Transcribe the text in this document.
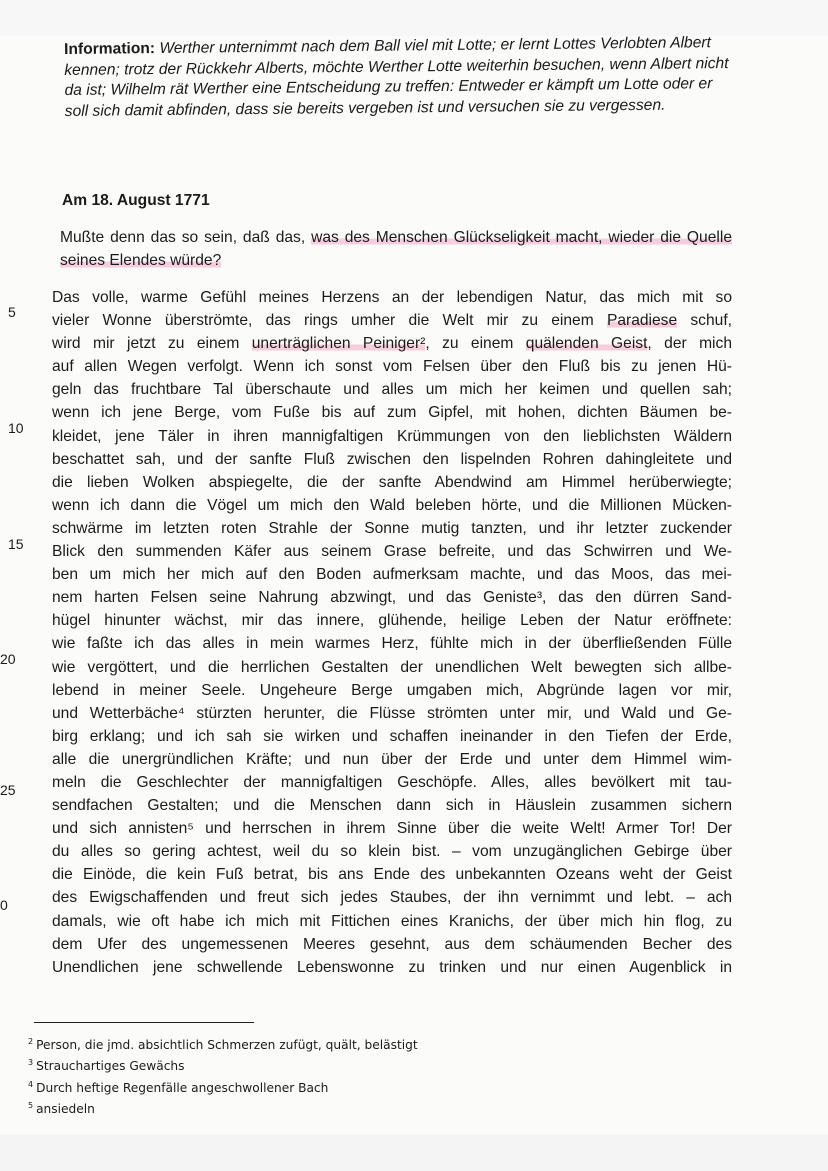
Information: Werther unternimmt nach dem Ball viel mit Lotte; er lernt Lottes Verlobten Albert kennen; trotz der Rückkehr Alberts, möchte Werther Lotte weiterhin besuchen, wenn Albert nicht da ist; Wilhelm rät Werther eine Entscheidung zu treffen: Entweder er kämpft um Lotte oder er soll sich damit abfinden, dass sie bereits vergeben ist und versuchen sie zu vergessen.
Am 18. August 1771
Mußte denn das so sein, daß das, was des Menschen Glückseligkeit macht, wieder die Quelle seines Elendes würde?
Das volle, warme Gefühl meines Herzens an der lebendigen Natur, das mich mit so
vieler Wonne überströmte, das rings umher die Welt mir zu einem Paradiese schuf,
wird mir jetzt zu einem unerträglichen Peiniger², zu einem quälenden Geist, der mich
auf allen Wegen verfolgt. Wenn ich sonst vom Felsen über den Fluß bis zu jenen Hü-
geln das fruchtbare Tal überschaute und alles um mich her keimen und quellen sah;
wenn ich jene Berge, vom Fuße bis auf zum Gipfel, mit hohen, dichten Bäumen be-
kleidet, jene Täler in ihren mannigfaltigen Krümmungen von den lieblichsten Wäldern
beschattet sah, und der sanfte Fluß zwischen den lispelnden Rohren dahingleitete und
die lieben Wolken abspiegelte, die der sanfte Abendwind am Himmel herüberwiegte;
wenn ich dann die Vögel um mich den Wald beleben hörte, und die Millionen Mücken-
schwärme im letzten roten Strahle der Sonne mutig tanzten, und ihr letzter zuckender
Blick den summenden Käfer aus seinem Grase befreite, und das Schwirren und We-
ben um mich her mich auf den Boden aufmerksam machte, und das Moos, das mei-
nem harten Felsen seine Nahrung abzwingt, und das Geniste³, das den dürren Sand-
hügel hinunter wächst, mir das innere, glühende, heilige Leben der Natur eröffnete:
wie faßte ich das alles in mein warmes Herz, fühlte mich in der überfließenden Fülle
wie vergöttert, und die herrlichen Gestalten der unendlichen Welt bewegten sich allbe-
lebend in meiner Seele. Ungeheure Berge umgaben mich, Abgründe lagen vor mir,
und Wetterbäche⁴ stürzten herunter, die Flüsse strömten unter mir, und Wald und Ge-
birg erklang; und ich sah sie wirken und schaffen ineinander in den Tiefen der Erde,
alle die unergründlichen Kräfte; und nun über der Erde und unter dem Himmel wim-
meln die Geschlechter der mannigfaltigen Geschöpfe. Alles, alles bevölkert mit tau-
sendfachen Gestalten; und die Menschen dann sich in Häuslein zusammen sichern
und sich annisten⁵ und herrschen in ihrem Sinne über die weite Welt! Armer Tor! Der
du alles so gering achtest, weil du so klein bist. – vom unzugänglichen Gebirge über
die Einöde, die kein Fuß betrat, bis ans Ende des unbekannten Ozeans weht der Geist
des Ewigschaffenden und freut sich jedes Staubes, der ihn vernimmt und lebt. – ach
damals, wie oft habe ich mich mit Fittichen eines Kranichs, der über mich hin flog, zu
dem Ufer des ungemessenen Meeres gesehnt, aus dem schäumenden Becher des
Unendlichen jene schwellende Lebenswonne zu trinken und nur einen Augenblick in
5
10
15
20
25
0
$^2$ Person, die jmd. absichtlich Schmerzen zufügt, quält, belästigt
$^3$ Strauchartiges Gewächs
$^4$ Durch heftige Regenfälle angeschwollener Bach
$^5$ ansiedeln
